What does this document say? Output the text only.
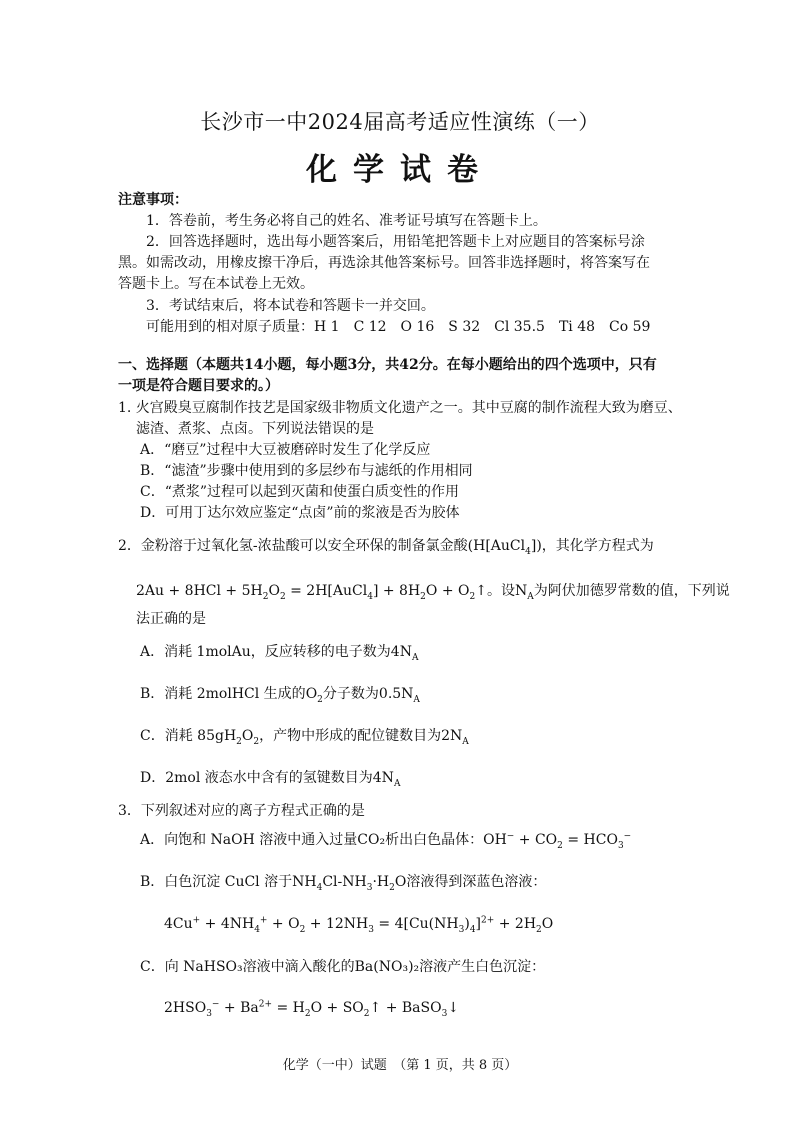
长沙市一中2024届高考适应性演练（一）
化学试卷
注意事项：
1．答卷前，考生务必将自己的姓名、准考证号填写在答题卡上。
2．回答选择题时，选出每小题答案后，用铅笔把答题卡上对应题目的答案标号涂
黑。如需改动，用橡皮擦干净后，再选涂其他答案标号。回答非选择题时，将答案写在
答题卡上。写在本试卷上无效。
3．考试结束后，将本试卷和答题卡一并交回。
可能用到的相对原子质量：H 1　C 12　O 16　S 32　Cl 35.5　Ti 48　Co 59
一、选择题（本题共14小题，每小题3分，共42分。在每小题给出的四个选项中，只有
一项是符合题目要求的。）
1. 火宫殿臭豆腐制作技艺是国家级非物质文化遗产之一。其中豆腐的制作流程大致为磨豆、
滤渣、煮浆、点卤。下列说法错误的是
A．“磨豆”过程中大豆被磨碎时发生了化学反应
B．“滤渣”步骤中使用到的多层纱布与滤纸的作用相同
C．“煮浆”过程可以起到灭菌和使蛋白质变性的作用
D．可用丁达尔效应鉴定“点卤”前的浆液是否为胶体
2．金粉溶于过氧化氢-浓盐酸可以安全环保的制备氯金酸(H[AuCl$_4$])，其化学方程式为
$2Au + 8HCl + 5H_2O_2$ = 2H[AuCl$_4$] + $8H_2O$ + $O_2↑$。设$N_A$为阿伏加德罗常数的值，下列说
法正确的是
A．消耗 1molAu，反应转移的电子数为$4N_A$
B．消耗 2molHCl 生成的$O_2$分子数为$0.5N_A$
C．消耗 $85gH_2O_2$，产物中形成的配位键数目为$2N_A$
D．2mol 液态水中含有的氢键数目为$4N_A$
3．下列叙述对应的离子方程式正确的是
A．向饱和 NaOH 溶液中通入过量CO₂析出白色晶体：$OH^- + CO_2 = HCO_3^-$
B．白色沉淀 CuCl 溶于$NH_4Cl-NH_3\cdot H_2O$溶液得到深蓝色溶液：
$4Cu^+ + 4NH_4^+ + O_2 + 12NH_3 = 4[Cu(NH_3)_4]^{2+} + 2H_2O$
C．向 NaHSO₃溶液中滴入酸化的Ba(NO₃)₂溶液产生白色沉淀：
$2HSO_3^- + Ba^{2+} = H_2O$ + $SO_2↑$ + BaSO$_3$↓
化学（一中）试题　（第 1 页，共 8 页）
